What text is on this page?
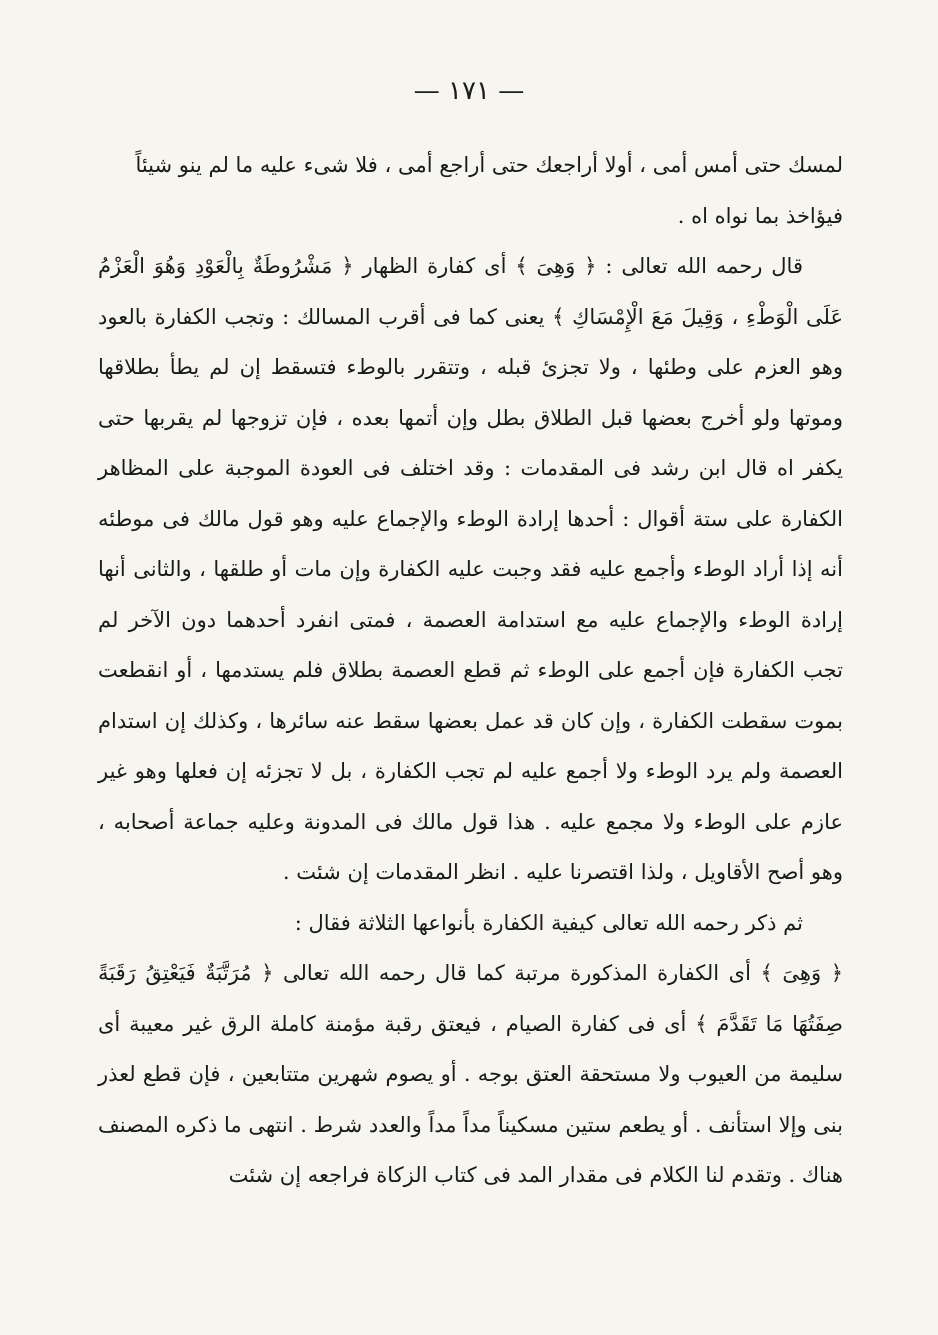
— ١٧١ —

لمسك حتى أمس أمى ، أولا أراجعك حتى أراجع أمى ، فلا شىء عليه ما لم ينو شيئاً فيؤاخذ بما نواه اه .

قال رحمه الله تعالى : ﴿ وَهِىَ ﴾ أى كفارة الظهار ﴿ مَشْرُوطَةٌ بِالْعَوْدِ وَهُوَ الْعَزْمُ عَلَى الْوَطْءِ ، وَقِيلَ مَعَ الْإِمْسَاكِ ﴾ يعنى كما فى أقرب المسالك : وتجب الكفارة بالعود وهو العزم على وطئها ، ولا تجزئ قبله ، وتتقرر بالوطء فتسقط إن لم يطأ بطلاقها وموتها ولو أخرج بعضها قبل الطلاق بطل وإن أتمها بعده ، فإن تزوجها لم يقربها حتى يكفر اه قال ابن رشد فى المقدمات : وقد اختلف فى العودة الموجبة على المظاهر الكفارة على ستة أقوال : أحدها إرادة الوطء والإجماع عليه وهو قول مالك فى موطئه أنه إذا أراد الوطء وأجمع عليه فقد وجبت عليه الكفارة وإن مات أو طلقها ، والثانى أنها إرادة الوطء والإجماع عليه مع استدامة العصمة ، فمتى انفرد أحدهما دون الآخر لم تجب الكفارة فإن أجمع على الوطء ثم قطع العصمة بطلاق فلم يستدمها ، أو انقطعت بموت سقطت الكفارة ، وإن كان قد عمل بعضها سقط عنه سائرها ، وكذلك إن استدام العصمة ولم يرد الوطء ولا أجمع عليه لم تجب الكفارة ، بل لا تجزئه إن فعلها وهو غير عازم على الوطء ولا مجمع عليه . هذا قول مالك فى المدونة وعليه جماعة أصحابه ، وهو أصح الأقاويل ، ولذا اقتصرنا عليه . انظر المقدمات إن شئت .

ثم ذكر رحمه الله تعالى كيفية الكفارة بأنواعها الثلاثة فقال :

﴿ وَهِىَ ﴾ أى الكفارة المذكورة مرتبة كما قال رحمه الله تعالى ﴿ مُرَتَّبَةٌ فَيَعْتِقُ رَقَبَةً صِفَتُهَا مَا تَقَدَّمَ ﴾ أى فى كفارة الصيام ، فيعتق رقبة مؤمنة كاملة الرق غير معيبة أى سليمة من العيوب ولا مستحقة العتق بوجه . أو يصوم شهرين متتابعين ، فإن قطع لعذر بنى وإلا استأنف . أو يطعم ستين مسكيناً مداً مداً والعدد شرط . انتهى ما ذكره المصنف هناك . وتقدم لنا الكلام فى مقدار المد فى كتاب الزكاة فراجعه إن شئت
